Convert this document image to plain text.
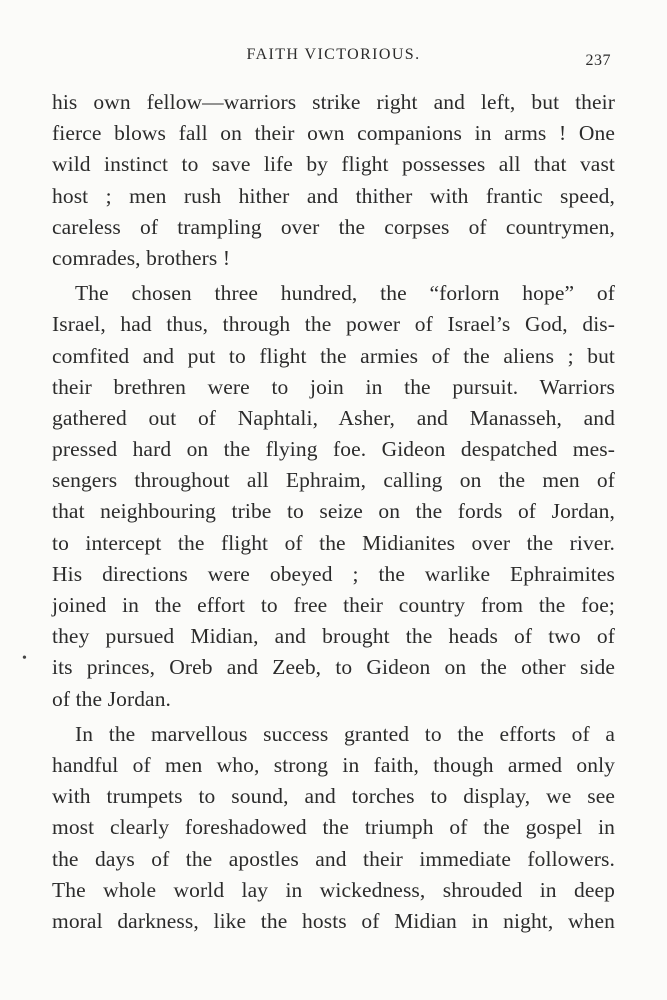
FAITH VICTORIOUS.	237
•
his own fellow—warriors strike right and left, but their
fierce blows fall on their own companions in arms ! One
wild instinct to save life by flight possesses all that vast
host ; men rush hither and thither with frantic speed,
careless of trampling over the corpses of countrymen,
comrades, brothers !
The chosen three hundred, the “forlorn hope” of
Israel, had thus, through the power of Israel’s God, dis-
comfited and put to flight the armies of the aliens ; but
their brethren were to join in the pursuit. Warriors
gathered out of Naphtali, Asher, and Manasseh, and
pressed hard on the flying foe. Gideon despatched mes-
sengers throughout all Ephraim, calling on the men of
that neighbouring tribe to seize on the fords of Jordan,
to intercept the flight of the Midianites over the river.
His directions were obeyed ; the warlike Ephraimites
joined in the effort to free their country from the foe;
they pursued Midian, and brought the heads of two of
its princes, Oreb and Zeeb, to Gideon on the other side
of the Jordan.
In the marvellous success granted to the efforts of a
handful of men who, strong in faith, though armed only
with trumpets to sound, and torches to display, we see
most clearly foreshadowed the triumph of the gospel in
the days of the apostles and their immediate followers.
The whole world lay in wickedness, shrouded in deep
moral darkness, like the hosts of Midian in night, when
